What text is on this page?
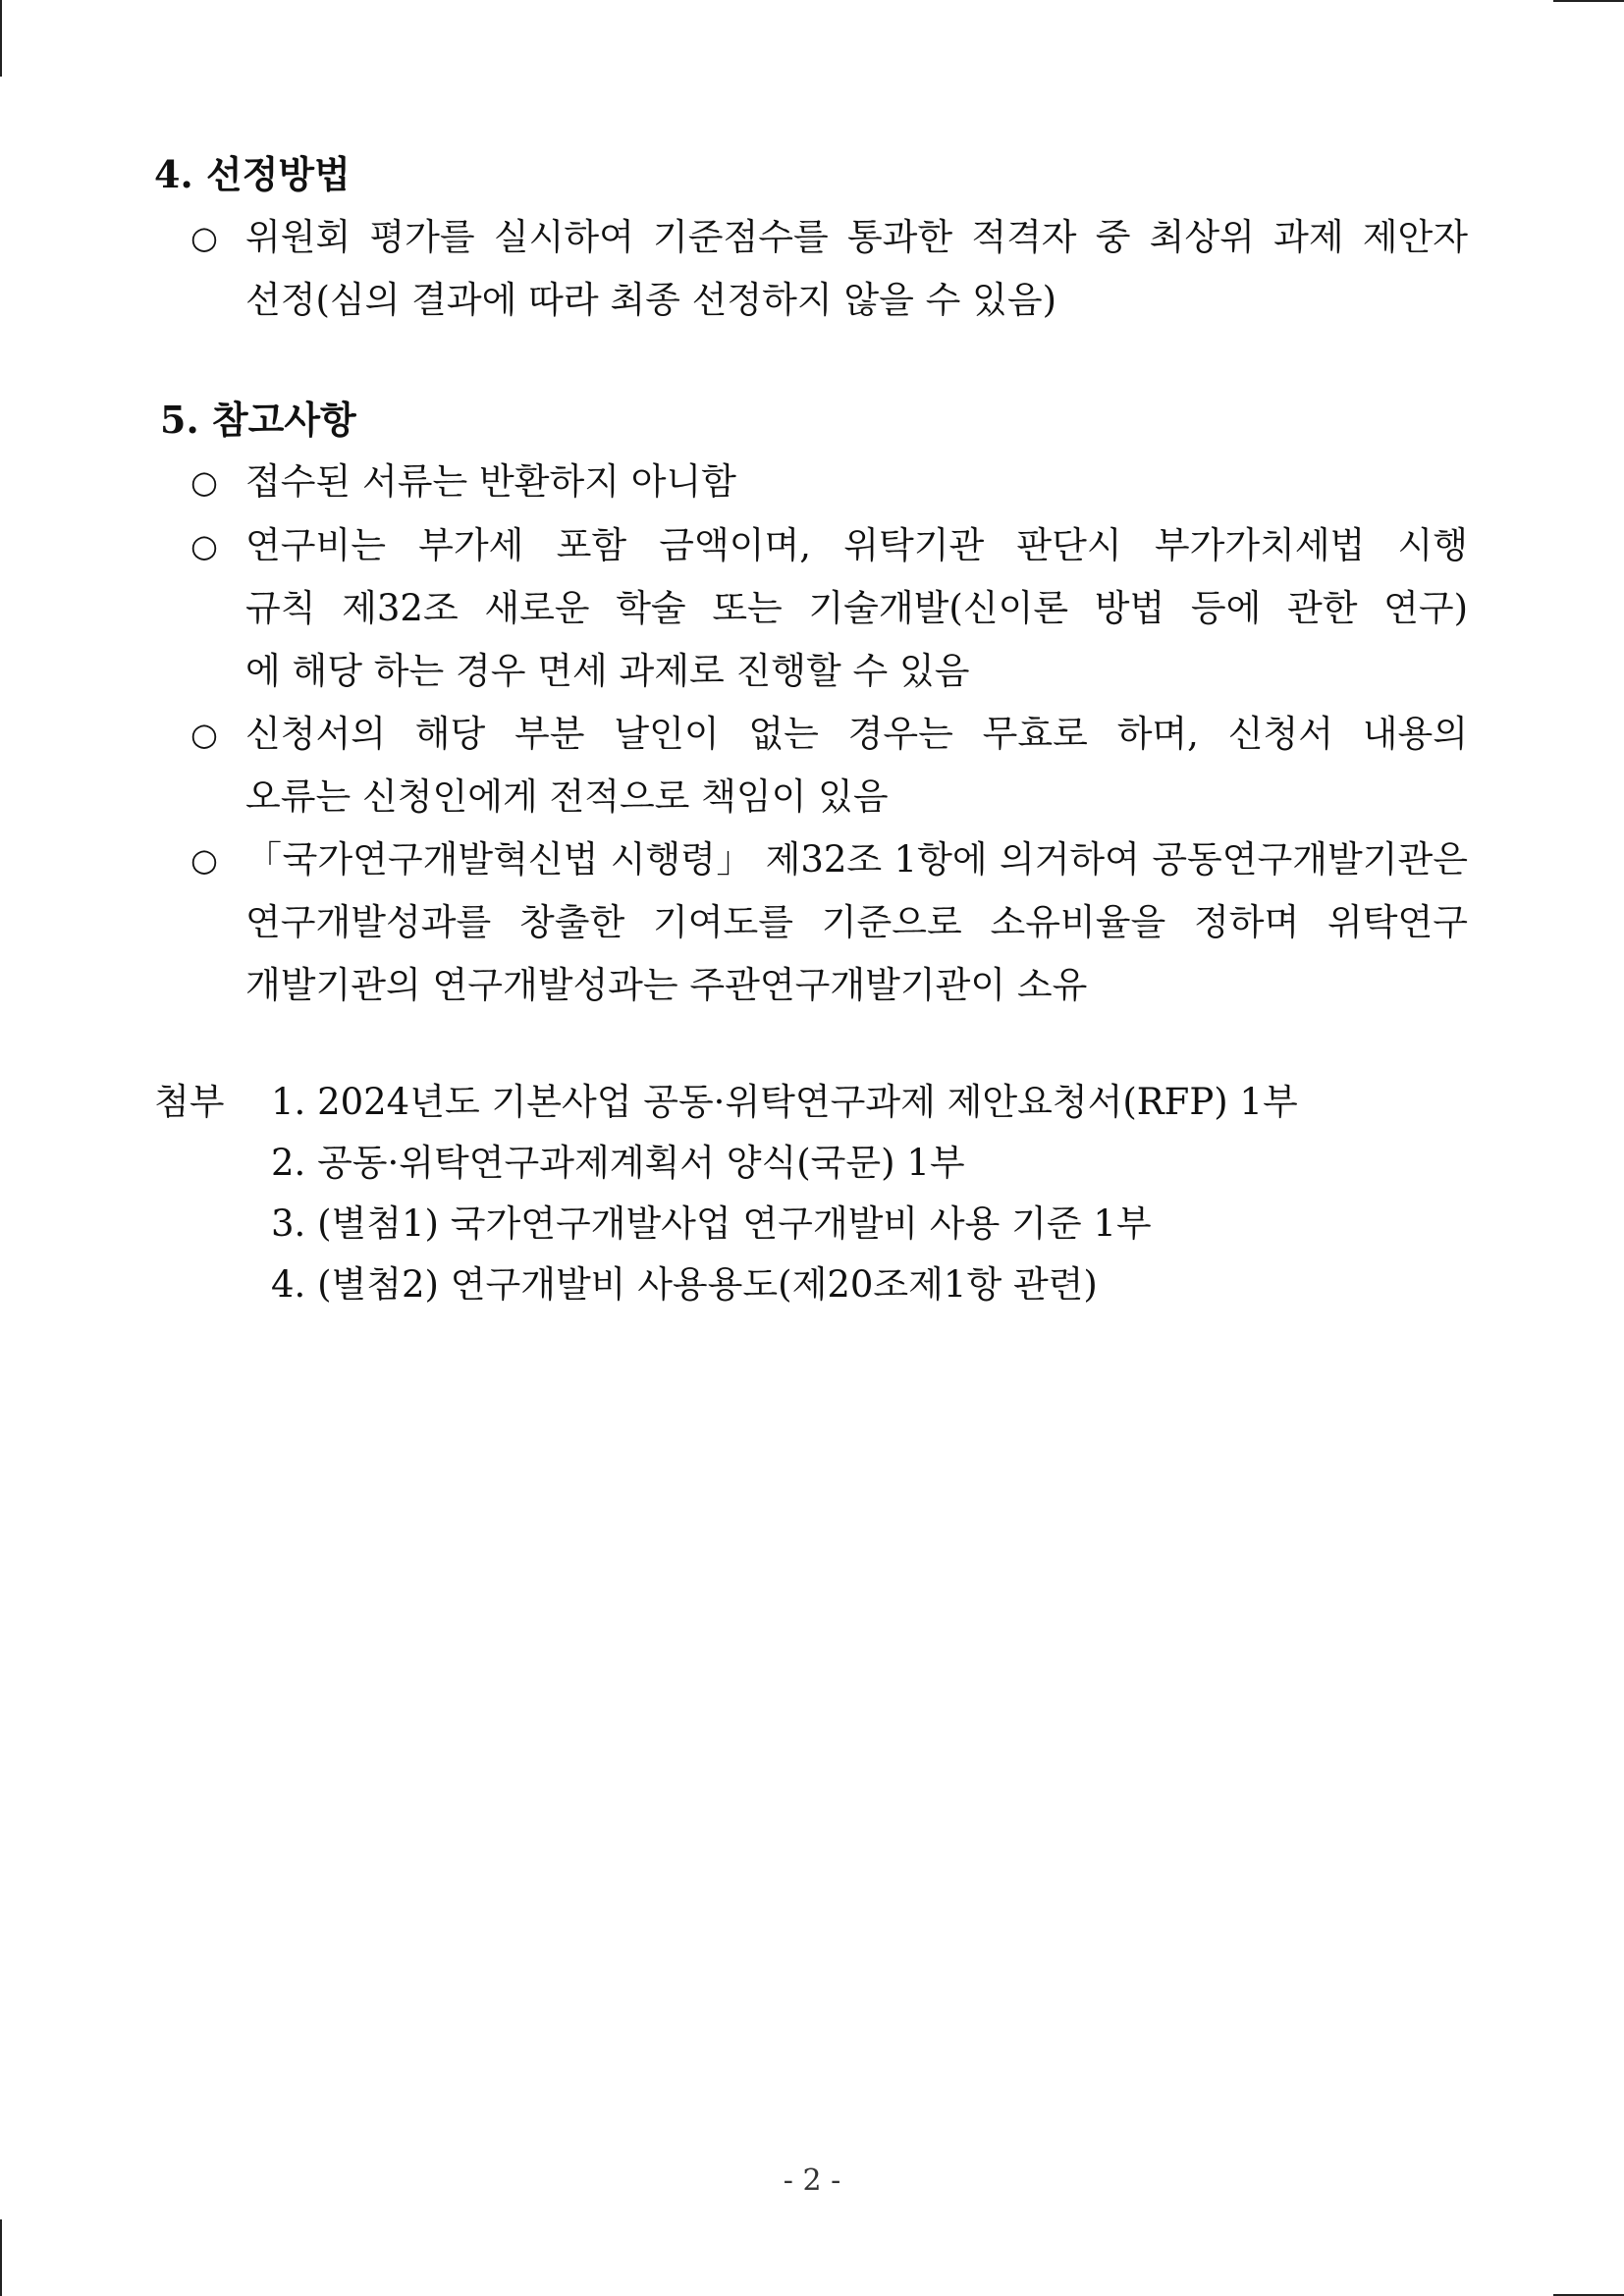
4. 선정방법
○ 위원회 평가를 실시하여 기준점수를 통과한 적격자 중 최상위 과제 제안자
선정(심의 결과에 따라 최종 선정하지 않을 수 있음)
5. 참고사항
○ 접수된 서류는 반환하지 아니함
○ 연구비는 부가세 포함 금액이며, 위탁기관 판단시 부가가치세법 시행
규칙 제32조 새로운 학술 또는 기술개발(신이론 방법 등에 관한 연구)
에 해당 하는 경우 면세 과제로 진행할 수 있음
○ 신청서의 해당 부분 날인이 없는 경우는 무효로 하며, 신청서 내용의
오류는 신청인에게 전적으로 책임이 있음
○ 「국가연구개발혁신법 시행령」 제32조 1항에 의거하여 공동연구개발기관은
연구개발성과를 창출한 기여도를 기준으로 소유비율을 정하며 위탁연구
개발기관의 연구개발성과는 주관연구개발기관이 소유
첨부 1. 2024년도 기본사업 공동·위탁연구과제 제안요청서(RFP) 1부
2. 공동·위탁연구과제계획서 양식(국문) 1부
3. (별첨1) 국가연구개발사업 연구개발비 사용 기준 1부
4. (별첨2) 연구개발비 사용용도(제20조제1항 관련)
- 2 -
